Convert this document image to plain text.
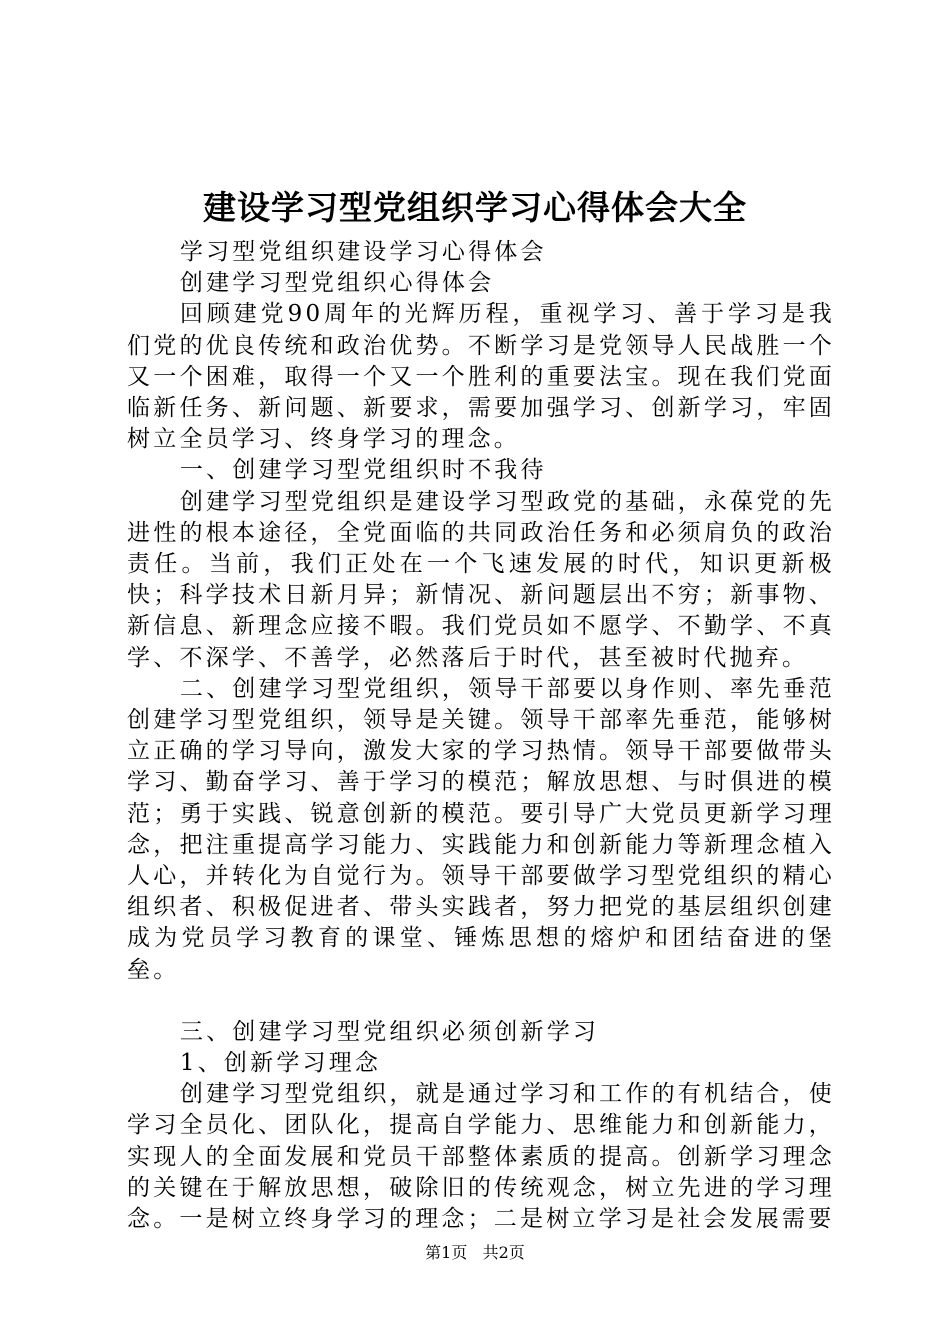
建设学习型党组织学习心得体会大全

学习型党组织建设学习心得体会

创建学习型党组织心得体会

回顾建党90周年的光辉历程，重视学习、善于学习是我们党的优良传统和政治优势。不断学习是党领导人民战胜一个又一个困难，取得一个又一个胜利的重要法宝。现在我们党面临新任务、新问题、新要求，需要加强学习、创新学习，牢固树立全员学习、终身学习的理念。

一、创建学习型党组织时不我待

创建学习型党组织是建设学习型政党的基础，永葆党的先进性的根本途径，全党面临的共同政治任务和必须肩负的政治责任。当前，我们正处在一个飞速发展的时代，知识更新极快；科学技术日新月异；新情况、新问题层出不穷；新事物、新信息、新理念应接不暇。我们党员如不愿学、不勤学、不真学、不深学、不善学，必然落后于时代，甚至被时代抛弃。

二、创建学习型党组织，领导干部要以身作则、率先垂范创建学习型党组织，领导是关键。领导干部率先垂范，能够树立正确的学习导向，激发大家的学习热情。领导干部要做带头学习、勤奋学习、善于学习的模范；解放思想、与时俱进的模范；勇于实践、锐意创新的模范。要引导广大党员更新学习理念，把注重提高学习能力、实践能力和创新能力等新理念植入人心，并转化为自觉行为。领导干部要做学习型党组织的精心组织者、积极促进者、带头实践者，努力把党的基层组织创建成为党员学习教育的课堂、锤炼思想的熔炉和团结奋进的堡垒。

三、创建学习型党组织必须创新学习

1、创新学习理念

创建学习型党组织，就是通过学习和工作的有机结合，使学习全员化、团队化，提高自学能力、思维能力和创新能力，实现人的全面发展和党员干部整体素质的提高。创新学习理念的关键在于解放思想，破除旧的传统观念，树立先进的学习理念。一是树立终身学习的理念；二是树立学习是社会发展需要

第1页 共2页
